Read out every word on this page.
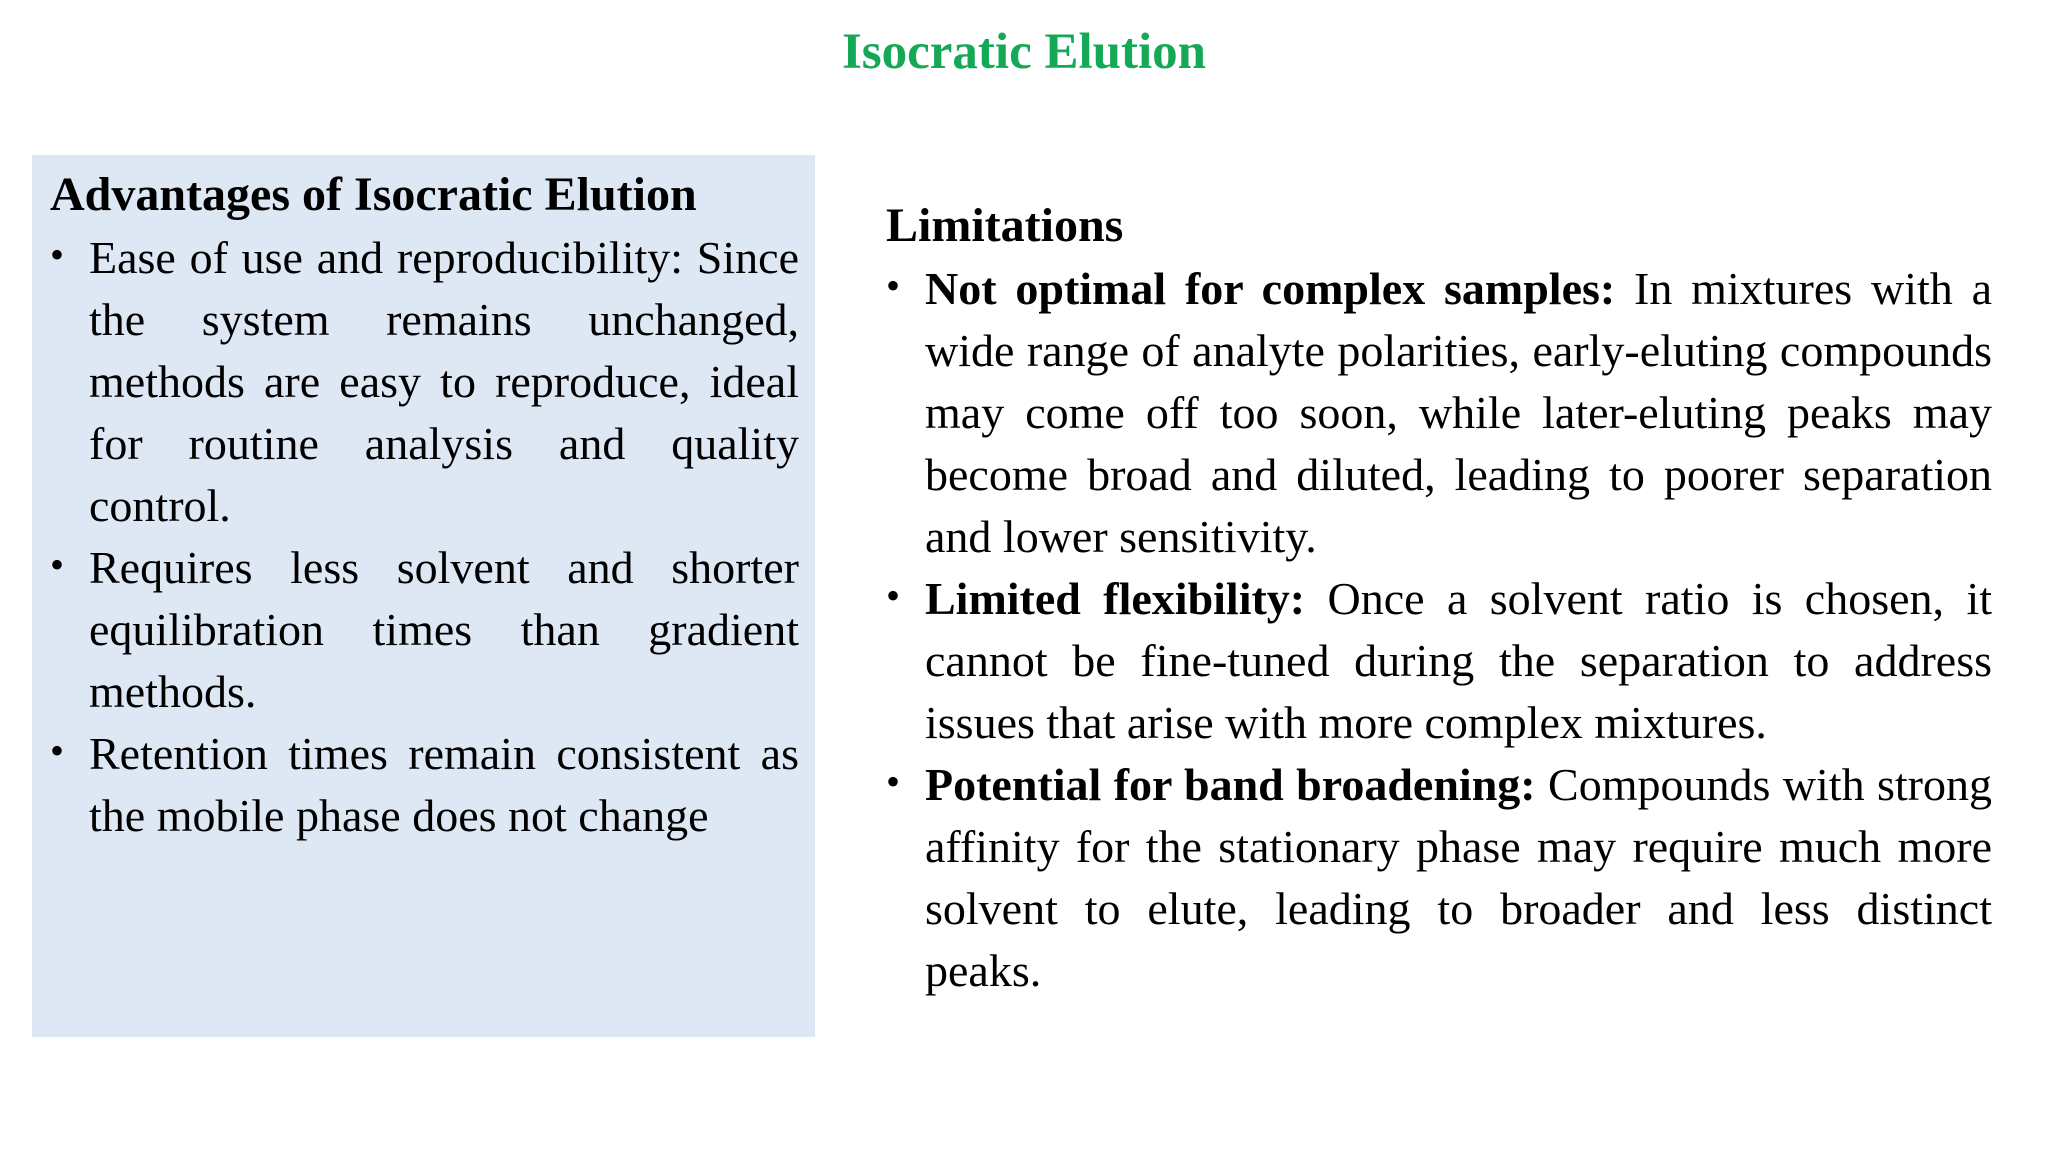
Isocratic Elution
Advantages of Isocratic Elution
• Ease of use and reproducibility: Since the system remains unchanged, methods are easy to reproduce, ideal for routine analysis and quality control.
• Requires less solvent and shorter equilibration times than gradient methods.
• Retention times remain consistent as the mobile phase does not change
Limitations
• Not optimal for complex samples: In mixtures with a wide range of analyte polarities, early-eluting compounds may come off too soon, while later-eluting peaks may become broad and diluted, leading to poorer separation and lower sensitivity.
• Limited flexibility: Once a solvent ratio is chosen, it cannot be fine-tuned during the separation to address issues that arise with more complex mixtures.
• Potential for band broadening: Compounds with strong affinity for the stationary phase may require much more solvent to elute, leading to broader and less distinct peaks.
